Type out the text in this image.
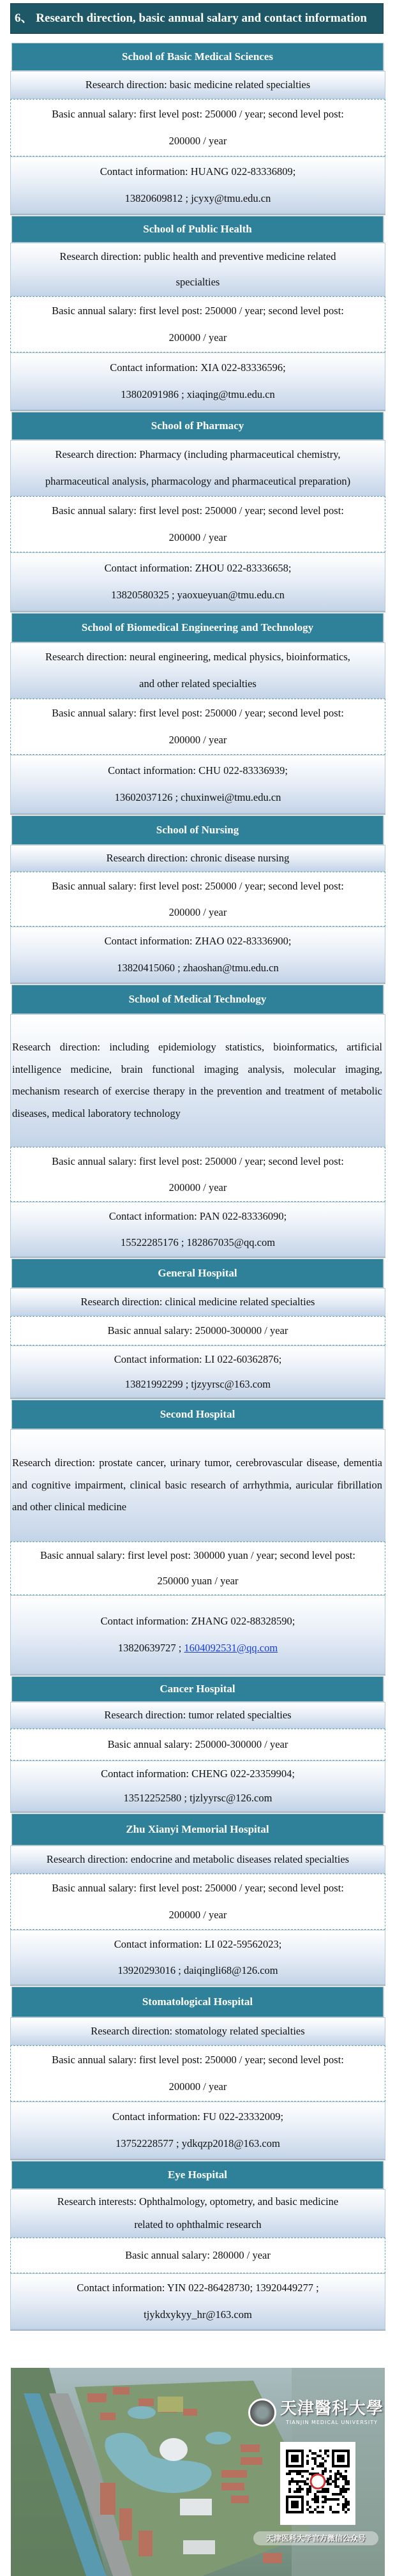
6、 Research direction, basic annual salary and contact information
School of Basic Medical Sciences
Research direction: basic medicine related specialties
Basic annual salary: first level post: 250000 / year; second level post:
200000 / year
Contact information: HUANG 022-83336809;
13820609812 ; jcyxy@tmu.edu.cn
School of Public Health
Research direction: public health and preventive medicine related
specialties
Basic annual salary: first level post: 250000 / year; second level post:
200000 / year
Contact information: XIA 022-83336596;
13802091986 ; xiaqing@tmu.edu.cn
School of Pharmacy
Research direction: Pharmacy (including pharmaceutical chemistry,
pharmaceutical analysis, pharmacology and pharmaceutical preparation)
Basic annual salary: first level post: 250000 / year; second level post:
200000 / year
Contact information: ZHOU 022-83336658;
13820580325 ; yaoxueyuan@tmu.edu.cn
School of Biomedical Engineering and Technology
Research direction: neural engineering, medical physics, bioinformatics,
and other related specialties
Basic annual salary: first level post: 250000 / year; second level post:
200000 / year
Contact information: CHU 022-83336939;
13602037126 ; chuxinwei@tmu.edu.cn
School of Nursing
Research direction: chronic disease nursing
Basic annual salary: first level post: 250000 / year; second level post:
200000 / year
Contact information: ZHAO 022-83336900;
13820415060 ; zhaoshan@tmu.edu.cn
School of Medical Technology
Research direction: including epidemiology statistics, bioinformatics, artificial intelligence medicine, brain functional imaging analysis, molecular imaging, mechanism research of exercise therapy in the prevention and treatment of metabolic diseases, medical laboratory technology
Basic annual salary: first level post: 250000 / year; second level post:
200000 / year
Contact information: PAN 022-83336090;
15522285176 ; 182867035@qq.com
General Hospital
Research direction: clinical medicine related specialties
Basic annual salary: 250000-300000 / year
Contact information: LI 022-60362876;
13821992299 ; tjzyyrsc@163.com
Second Hospital
Research direction: prostate cancer, urinary tumor, cerebrovascular disease, dementia and cognitive impairment, clinical basic research of arrhythmia, auricular fibrillation and other clinical medicine
Basic annual salary: first level post: 300000 yuan / year; second level post:
250000 yuan / year
Contact information: ZHANG 022-88328590;
13820639727 ; 1604092531@qq.com
Cancer Hospital
Research direction: tumor related specialties
Basic annual salary: 250000-300000 / year
Contact information: CHENG 022-23359904;
13512252580 ; tjzlyyrsc@126.com
Zhu Xianyi Memorial Hospital
Research direction: endocrine and metabolic diseases related specialties
Basic annual salary: first level post: 250000 / year; second level post:
200000 / year
Contact information: LI 022-59562023;
13920293016 ; daiqingli68@126.com
Stomatological Hospital
Research direction: stomatology related specialties
Basic annual salary: first level post: 250000 / year; second level post:
200000 / year
Contact information: FU 022-23332009;
13752228577 ; ydkqzp2018@163.com
Eye Hospital
Research interests: Ophthalmology, optometry, and basic medicine
related to ophthalmic research
Basic annual salary: 280000 / year
Contact information: YIN 022-86428730; 13920449277 ;
tjykdxykyy_hr@163.com
天津醫科大學
TIANJIN MEDICAL UNIVERSITY
天津医科大学官方微信公众号
